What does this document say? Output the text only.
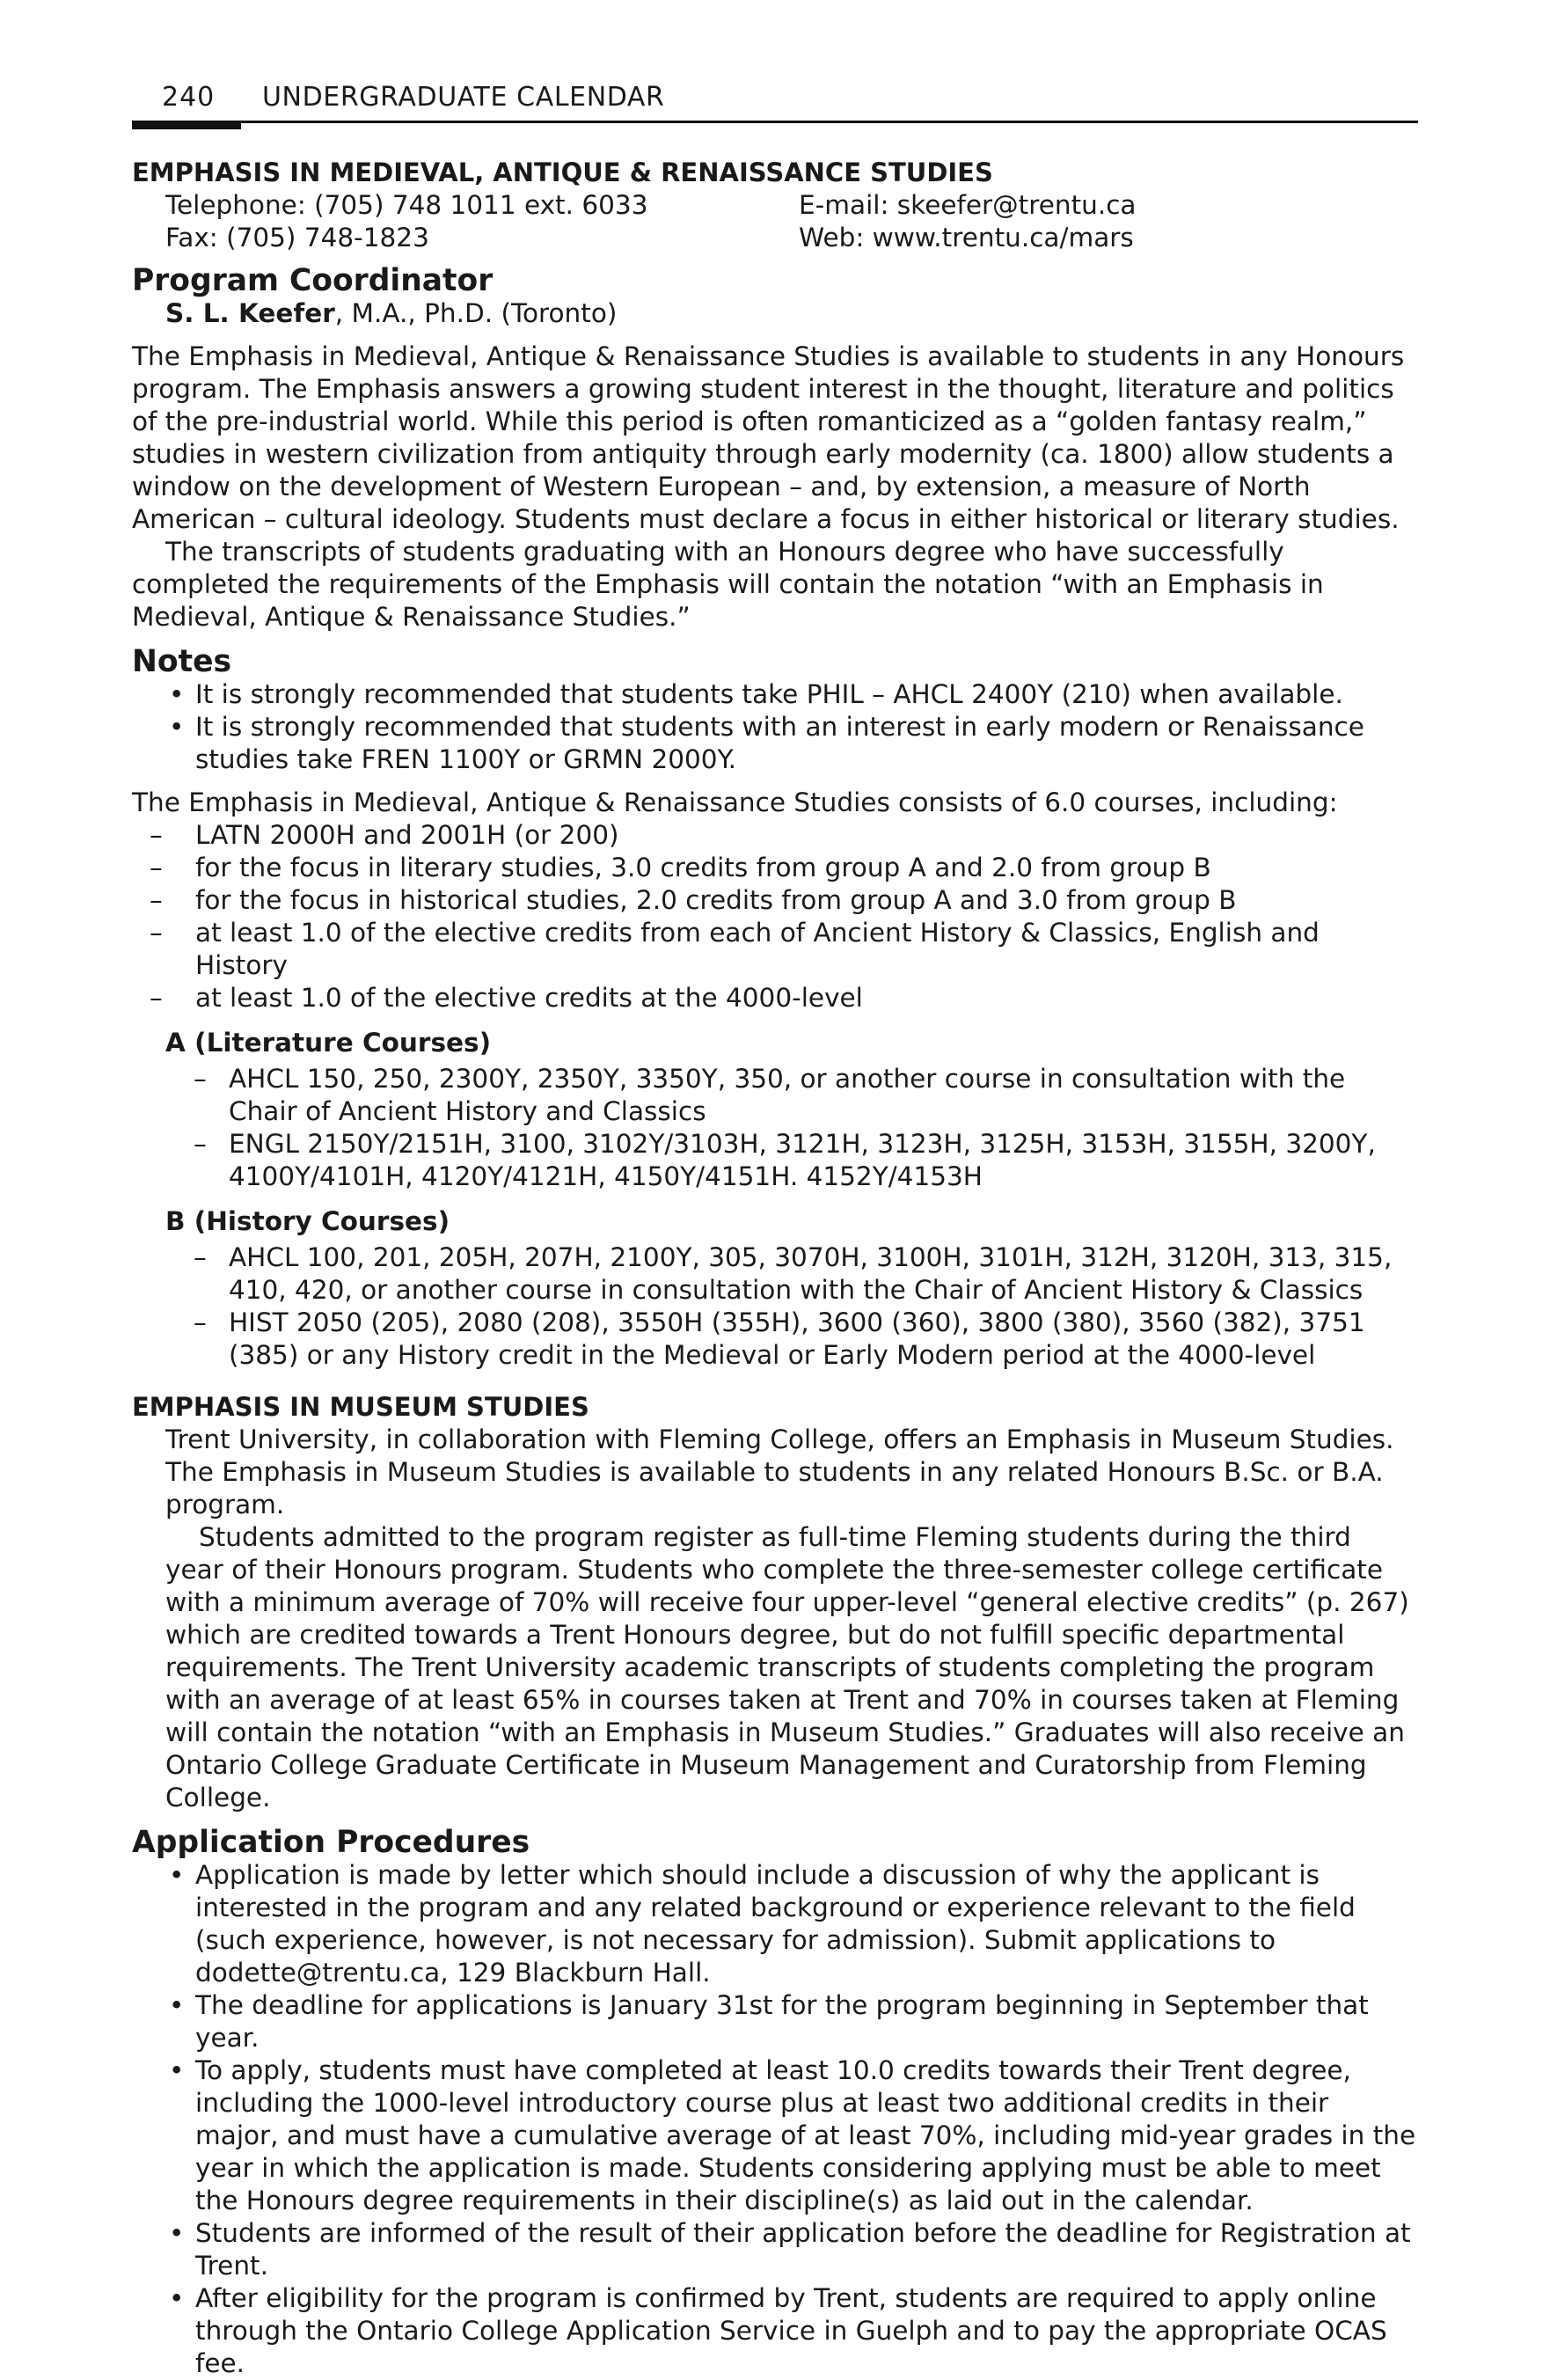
240 UNDERGRADUATE CALENDAR
EMPHASIS IN MEDIEVAL, ANTIQUE & RENAISSANCE STUDIES
Telephone: (705) 748 1011 ext. 6033	E-mail: skeefer@trentu.ca
Fax: (705) 748-1823	Web: www.trentu.ca/mars
Program Coordinator
S. L. Keefer, M.A., Ph.D. (Toronto)

The Emphasis in Medieval, Antique & Renaissance Studies is available to students in any Honours program. The Emphasis answers a growing student interest in the thought, literature and politics of the pre-industrial world. While this period is often romanticized as a “golden fantasy realm,” studies in western civilization from antiquity through early modernity (ca. 1800) allow students a window on the development of Western European – and, by extension, a measure of North American – cultural ideology. Students must declare a focus in either historical or literary studies.

The transcripts of students graduating with an Honours degree who have successfully completed the requirements of the Emphasis will contain the notation “with an Emphasis in Medieval, Antique & Renaissance Studies.”

Notes
• It is strongly recommended that students take PHIL – AHCL 2400Y (210) when available.
• It is strongly recommended that students with an interest in early modern or Renaissance studies take FREN 1100Y or GRMN 2000Y.

The Emphasis in Medieval, Antique & Renaissance Studies consists of 6.0 courses, including:

– LATN 2000H and 2001H (or 200)
– for the focus in literary studies, 3.0 credits from group A and 2.0 from group B
– for the focus in historical studies, 2.0 credits from group A and 3.0 from group B
– at least 1.0 of the elective credits from each of Ancient History & Classics, English and History
– at least 1.0 of the elective credits at the 4000-level
A (Literature Courses)
– AHCL 150, 250, 2300Y, 2350Y, 3350Y, 350, or another course in consultation with the Chair of Ancient History and Classics
– ENGL 2150Y/2151H, 3100, 3102Y/3103H, 3121H, 3123H, 3125H, 3153H, 3155H, 3200Y, 4100Y/4101H, 4120Y/4121H, 4150Y/4151H. 4152Y/4153H
B (History Courses)
– AHCL 100, 201, 205H, 207H, 2100Y, 305, 3070H, 3100H, 3101H, 312H, 3120H, 313, 315, 410, 420, or another course in consultation with the Chair of Ancient History & Classics
– HIST 2050 (205), 2080 (208), 3550H (355H), 3600 (360), 3800 (380), 3560 (382), 3751 (385) or any History credit in the Medieval or Early Modern period at the 4000-level
EMPHASIS IN MUSEUM STUDIES

Trent University, in collaboration with Fleming College, offers an Emphasis in Museum Studies. The Emphasis in Museum Studies is available to students in any related Honours B.Sc. or B.A. program.

Students admitted to the program register as full-time Fleming students during the third year of their Honours program. Students who complete the three-semester college certificate with a minimum average of 70% will receive four upper-level “general elective credits” (p. 267) which are credited towards a Trent Honours degree, but do not fulfill specific departmental requirements. The Trent University academic transcripts of students completing the program with an average of at least 65% in courses taken at Trent and 70% in courses taken at Fleming will contain the notation “with an Emphasis in Museum Studies.” Graduates will also receive an Ontario College Graduate Certificate in Museum Management and Curatorship from Fleming College.

Application Procedures
• Application is made by letter which should include a discussion of why the applicant is interested in the program and any related background or experience relevant to the field (such experience, however, is not necessary for admission). Submit applications to dodette@trentu.ca, 129 Blackburn Hall.
• The deadline for applications is January 31st for the program beginning in September that year.
• To apply, students must have completed at least 10.0 credits towards their Trent degree, including the 1000-level introductory course plus at least two additional credits in their major, and must have a cumulative average of at least 70%, including mid-year grades in the year in which the application is made. Students considering applying must be able to meet the Honours degree requirements in their discipline(s) as laid out in the calendar.
• Students are informed of the result of their application before the deadline for Registration at Trent.
• After eligibility for the program is confirmed by Trent, students are required to apply online through the Ontario College Application Service in Guelph and to pay the appropriate OCAS fee.
